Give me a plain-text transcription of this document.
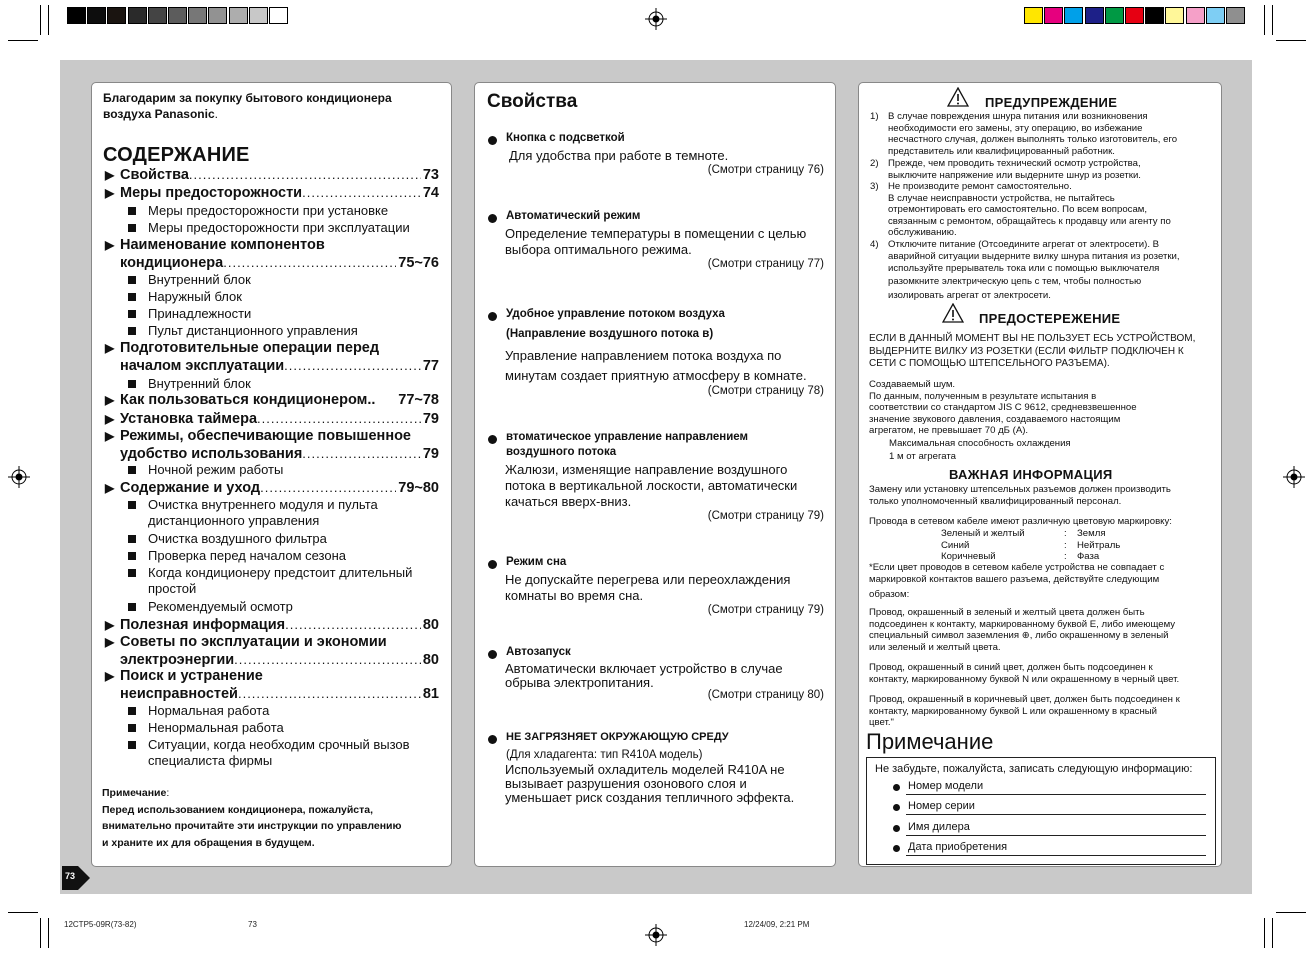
12CTP5-09R(73-82)	73	12/24/09, 2:21 PM
73
Благодарим за покупку бытового кондиционера
воздуха Panasonic.
СОДЕРЖАНИЕ
▶ Свойства .....	73
▶ Меры предосторожности .....	74
▶ Наименование компонентов
кондиционера .....	75~76
▶ Подготовительные операции перед
началом эксплуатации .....	77
▶ Как пользоваться кондиционером .. 77~78
▶ Установка таймера .....	79
▶ Режимы, обеспечивающие повышенное
удобство использования .....	79
▶ Содержание и уход .....	79~80
▶ Полезная информация .....	80
▶ Советы по эксплуатации и экономии
электроэнергии .....	80
▶ Поиск и устранение
неисправностей .....	81
Меры предосторожности при установке
Меры предосторожности при эксплуатации
Внутренний блок
Наружный блок
Принадлежности
Пульт дистанционного управления
Внутренний блок
Ночной режим работы
Очистка внутреннего модуля и пульта дистанционного управления
Очистка воздушного фильтра
Проверка перед началом сезона
Когда кондиционеру предстоит длительный простой
Рекомендуемый осмотр
Нормальная работа
Ненормальная работа
Ситуации, когда необходим срочный вызов специалиста фирмы
Примечание:
Перед использованием кондиционера, пожалуйста,
внимательно прочитайте эти инструкции по управлению
и храните их для обращения в будущем.
Свойства
Кнопка с подсветкой
Для удобства при работе в темноте.
(Смотри страницу 76)
Автоматический режим
Определение температуры в помещении с целью
выбора оптимального режима.
(Смотри страницу 77)
Удобное управление потоком воздуха
(Направление воздушного потока в)
Управление направлением потока воздуха по
минутам создает приятную атмосферу в комнате.
(Смотри страницу 78)
втоматическое управление направлением
воздушного потока
Жалюзи, изменящие направление воздушного
потока в вертикальной лоскости, автоматически
качаться вверх-вниз.
(Смотри страницу 79)
Режим сна
Не допускайте перегрева или переохлаждения
комнаты во время сна.
(Смотри страницу 79)
Автозапуск
Автоматически включает устройство в случае
обрыва электропитания.
(Смотри страницу 80)
НЕ ЗАГРЯЗНЯЕТ ОКРУЖАЮЩУЮ СРЕДУ
(Для хладагента: тип R410A модель)
Используемый охладитель моделей R410A не
вызывает разрушения озонового слоя и
уменьшает риск создания тепличного эффекта.
ПРЕДУПРЕЖДЕНИЕ
1) В случае повреждения шнура питания или возникновения
необходимости его замены, эту операцию, во избежание
несчастного случая, должен выполнять только изготовитель, его
представитель или квалифицированный работник.
2) Прежде, чем проводить технический осмотр устройства,
выключите напряжение или выдерните шнур из розетки.
3) Не производите ремонт самостоятельно.
В случае неисправности устройства, не пытайтесь
отремонтировать его самостоятельно. По всем вопросам,
связанным с ремонтом, обращайтесь к продавцу или агенту по
обслуживанию.
4) Отключите питание (Отсоедините агрегат от электросети). В
аварийной ситуации выдерните вилку шнура питания из розетки,
используйте прерыватель тока или с помощью выключателя
разомкните электрическую цепь с тем, чтобы полностью
изолировать агрегат от электросети.
ПРЕДОСТЕРЕЖЕНИЕ
ЕСЛИ В ДАННЫЙ МОМЕНТ ВЫ НЕ ПОЛЬЗУЕТ ЕСЬ УСТРОЙСТВОМ,
ВЫДЕРНИТЕ ВИЛКУ ИЗ РОЗЕТКИ (ЕСЛИ ФИЛЬТР ПОДКЛЮЧЕН К
СЕТИ С ПОМОЩЬЮ ШТЕПСЕЛЬНОГО РАЗЪЕМА).
Создаваемый шум.
По данным, полученным в результате испытания в
соответствии со стандартом JIS C 9612, средневзвешенное
значение звукового давления, создаваемого настоящим
агрегатом, не превышает 70 дБ (А).
Максимальная способность охлаждения
1 м от агрегата
ВАЖНАЯ ИНФОРМАЦИЯ
Замену или установку штепсельных разъемов должен производить
только уполномоченный квалифицированный персонал.
Провода в сетевом кабеле имеют различную цветовую маркировку:
Зеленый и желтый	: Земля
Синий	: Нейтраль
Коричневый	: Фаза
*Если цвет проводов в сетевом кабеле устройства не совпадает с
маркировкой контактов вашего разъема, действуйте следующим
образом:
Провод, окрашенный в зеленый и желтый цвета должен быть
подсоединен к контакту, маркированному буквой E, либо имеющему
специальный символ заземления ⊕, либо окрашенному в зеленый
или зеленый и желтый цвета.
Провод, окрашенный в синий цвет, должен быть подсоединен к
контакту, маркированному буквой N или окрашенному в черный цвет.
Провод, окрашенный в коричневый цвет, должен быть подсоединен к
контакту, маркированному буквой L или окрашенному в красный
цвет."
Примечание
Не забудьте, пожалуйста, записать следующую информацию:
Номер модели
Номер серии
Имя дилера
Дата приобретения
